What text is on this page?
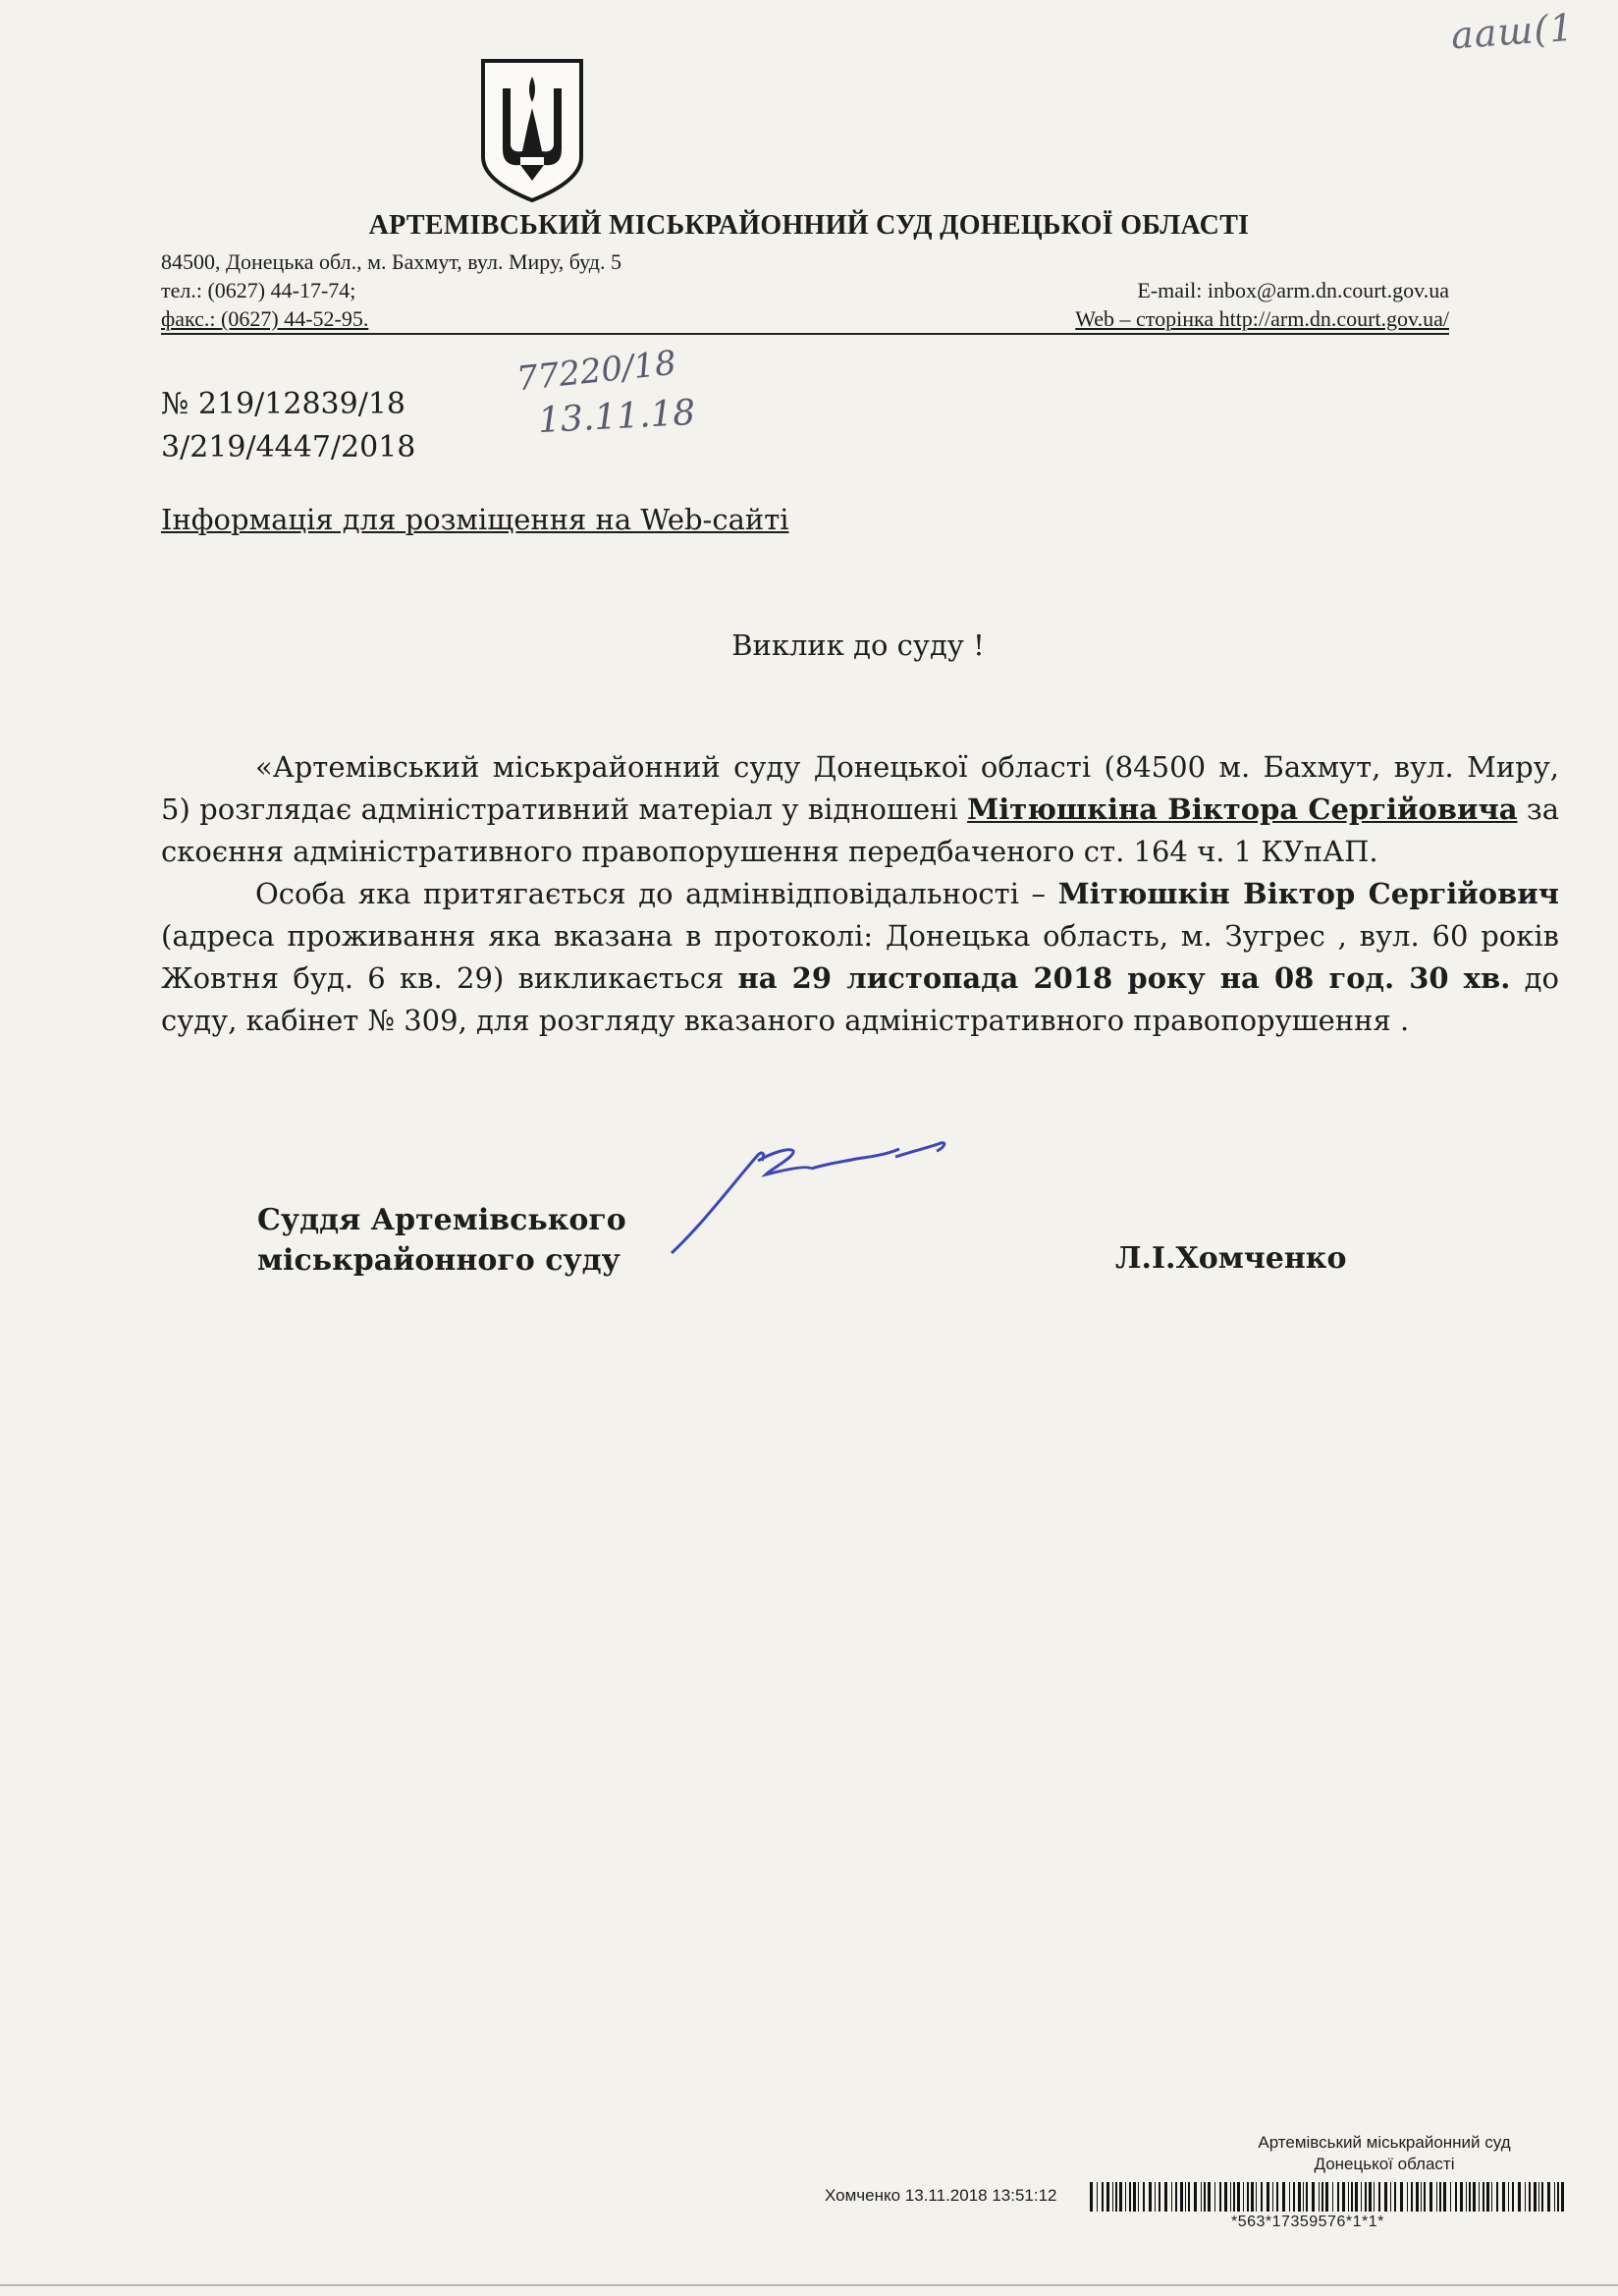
ааш(1
АРТЕМІВСЬКИЙ МІСЬКРАЙОННИЙ СУД ДОНЕЦЬКОЇ ОБЛАСТІ
84500, Донецька обл., м. Бахмут, вул. Миру, буд. 5
тел.: (0627) 44-17-74;	E-mail: inbox@arm.dn.court.gov.ua
факс.: (0627) 44-52-95.	Web – сторінка http://arm.dn.court.gov.ua/
77220/18
13.11.18
№ 219/12839/18
3/219/4447/2018
Інформація для розміщення на Web-сайті
Виклик до суду !

«Артемівський міськрайонний суду Донецької області (84500 м. Бахмут, вул. Миру, 5) розглядає адміністративний матеріал у відношені Мітюшкіна Віктора Сергійовича за скоєння адміністративного правопорушення передбаченого ст. 164 ч. 1 КУпАП.

Особа яка притягається до адмінвідповідальності – Мітюшкін Віктор Сергійович (адреса проживання яка вказана в протоколі: Донецька область, м. Зугрес , вул. 60 років Жовтня буд. 6 кв. 29) викликається на 29 листопада 2018 року на 08 год. 30 хв. до суду, кабінет № 309, для розгляду вказаного адміністративного правопорушення .

Суддя Артемівського
міськрайонного суду	Л.І.Хомченко
Артемівський міськрайонний суд
Донецької області
Хомченко 13.11.2018 13:51:12
*563*17359576*1*1*
